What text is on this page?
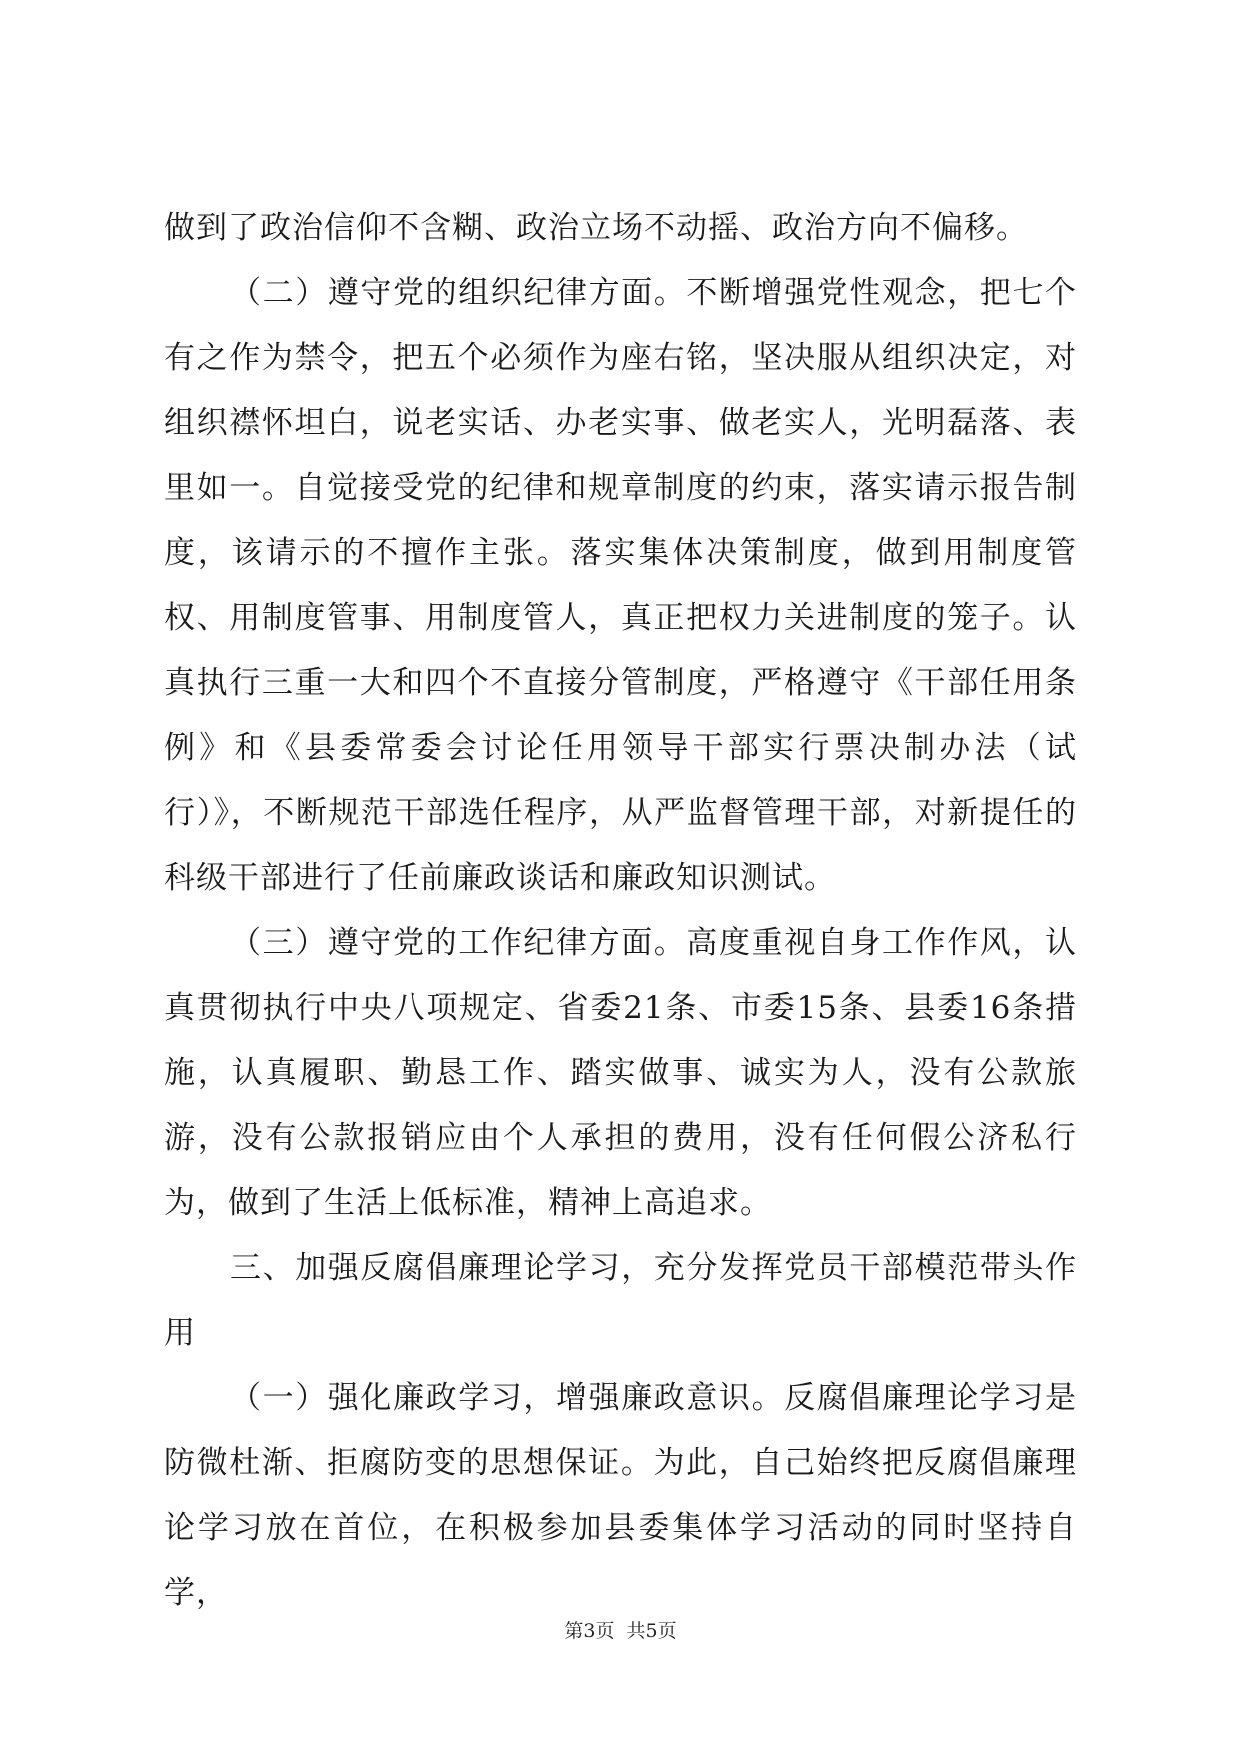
做到了政治信仰不含糊、政治立场不动摇、政治方向不偏移。

（二）遵守党的组织纪律方面。不断增强党性观念，把七个有之作为禁令，把五个必须作为座右铭，坚决服从组织决定，对组织襟怀坦白，说老实话、办老实事、做老实人，光明磊落、表里如一。自觉接受党的纪律和规章制度的约束，落实请示报告制度，该请示的不擅作主张。落实集体决策制度，做到用制度管权、用制度管事、用制度管人，真正把权力关进制度的笼子。认真执行三重一大和四个不直接分管制度，严格遵守《干部任用条例》和《县委常委会讨论任用领导干部实行票决制办法（试行）》，不断规范干部选任程序，从严监督管理干部，对新提任的科级干部进行了任前廉政谈话和廉政知识测试。

（三）遵守党的工作纪律方面。高度重视自身工作作风，认真贯彻执行中央八项规定、省委21条、市委15条、县委16条措施，认真履职、勤恳工作、踏实做事、诚实为人，没有公款旅游，没有公款报销应由个人承担的费用，没有任何假公济私行为，做到了生活上低标准，精神上高追求。

三、加强反腐倡廉理论学习，充分发挥党员干部模范带头作用

（一）强化廉政学习，增强廉政意识。反腐倡廉理论学习是防微杜渐、拒腐防变的思想保证。为此，自己始终把反腐倡廉理论学习放在首位，在积极参加县委集体学习活动的同时坚持自学，

第3页  共5页
